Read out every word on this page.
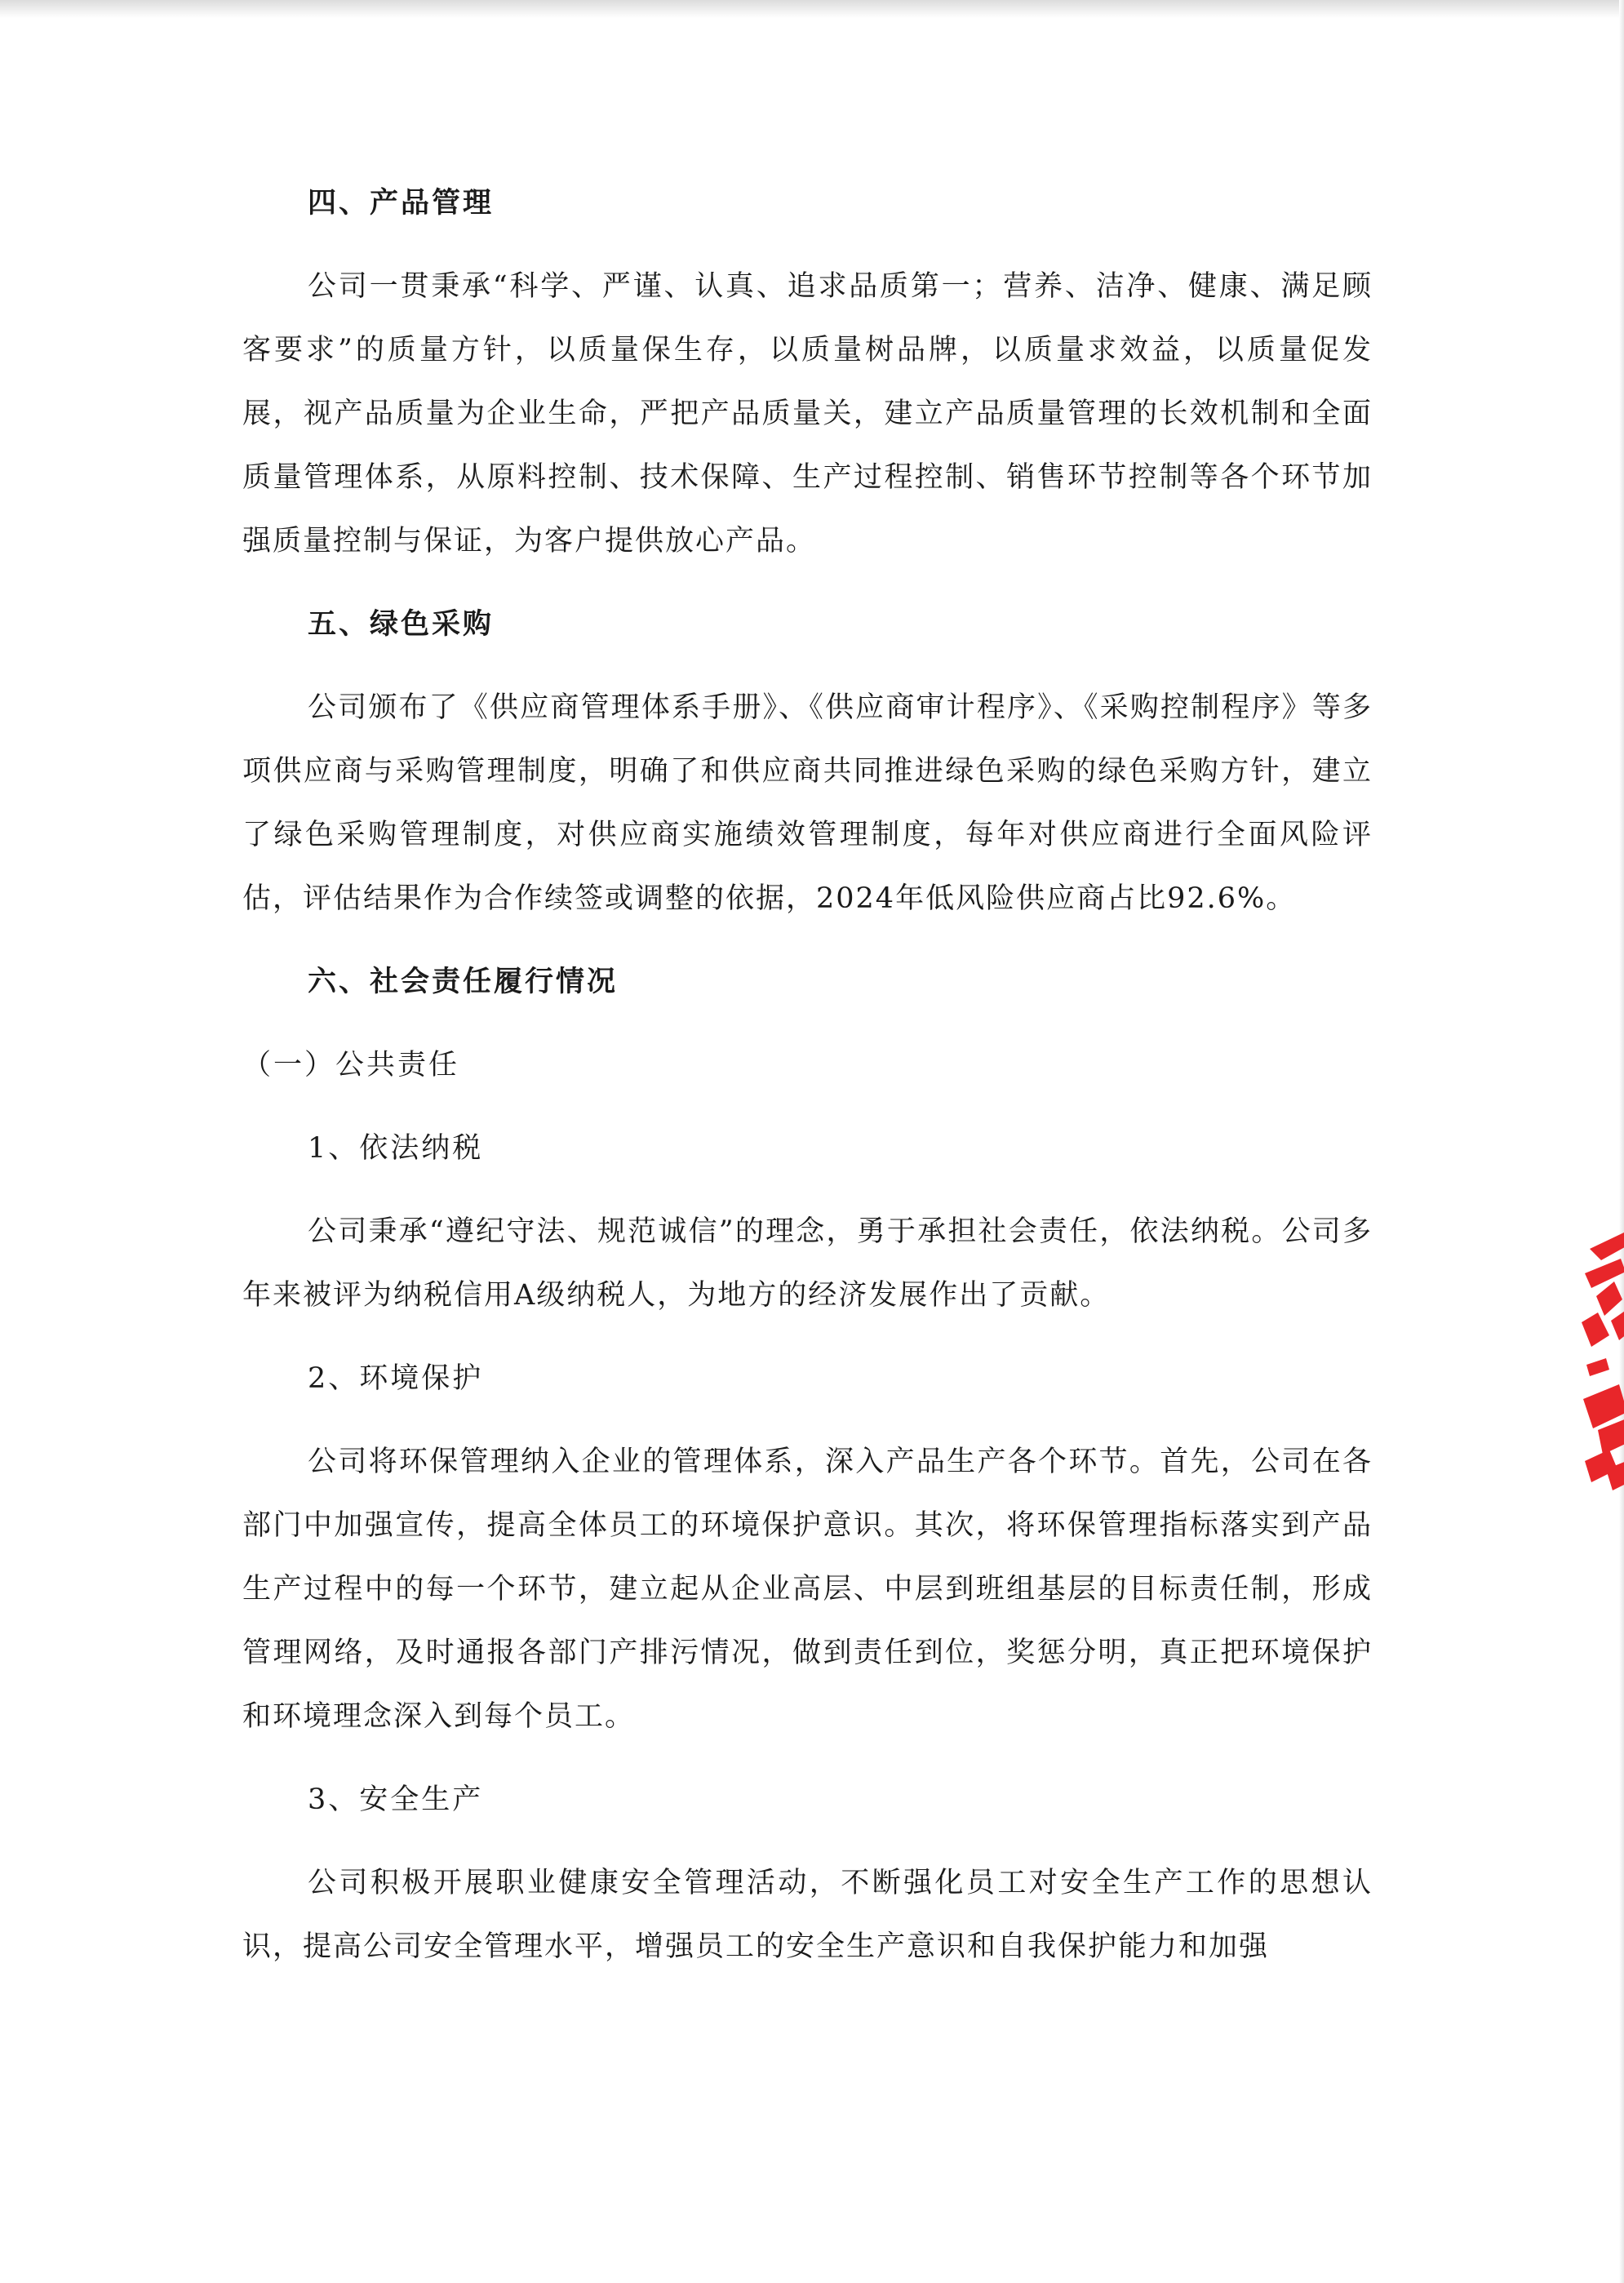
四、产品管理

公司一贯秉承“科学、严谨、认真、追求品质第一；营养、洁净、健康、满足顾客要求”的质量方针，以质量保生存，以质量树品牌，以质量求效益，以质量促发展，视产品质量为企业生命，严把产品质量关，建立产品质量管理的长效机制和全面质量管理体系，从原料控制、技术保障、生产过程控制、销售环节控制等各个环节加强质量控制与保证，为客户提供放心产品。

五、绿色采购

公司颁布了《供应商管理体系手册》、《供应商审计程序》、《采购控制程序》等多项供应商与采购管理制度，明确了和供应商共同推进绿色采购的绿色采购方针，建立了绿色采购管理制度，对供应商实施绩效管理制度，每年对供应商进行全面风险评估，评估结果作为合作续签或调整的依据，2024年低风险供应商占比92.6%。

六、社会责任履行情况

（一）公共责任

1、依法纳税

公司秉承“遵纪守法、规范诚信”的理念，勇于承担社会责任，依法纳税。公司多年来被评为纳税信用A级纳税人，为地方的经济发展作出了贡献。

2、环境保护

公司将环保管理纳入企业的管理体系，深入产品生产各个环节。首先，公司在各部门中加强宣传，提高全体员工的环境保护意识。其次，将环保管理指标落实到产品生产过程中的每一个环节，建立起从企业高层、中层到班组基层的目标责任制，形成管理网络，及时通报各部门产排污情况，做到责任到位，奖惩分明，真正把环境保护和环境理念深入到每个员工。

3、安全生产

公司积极开展职业健康安全管理活动，不断强化员工对安全生产工作的思想认识，提高公司安全管理水平，增强员工的安全生产意识和自我保护能力和加强
